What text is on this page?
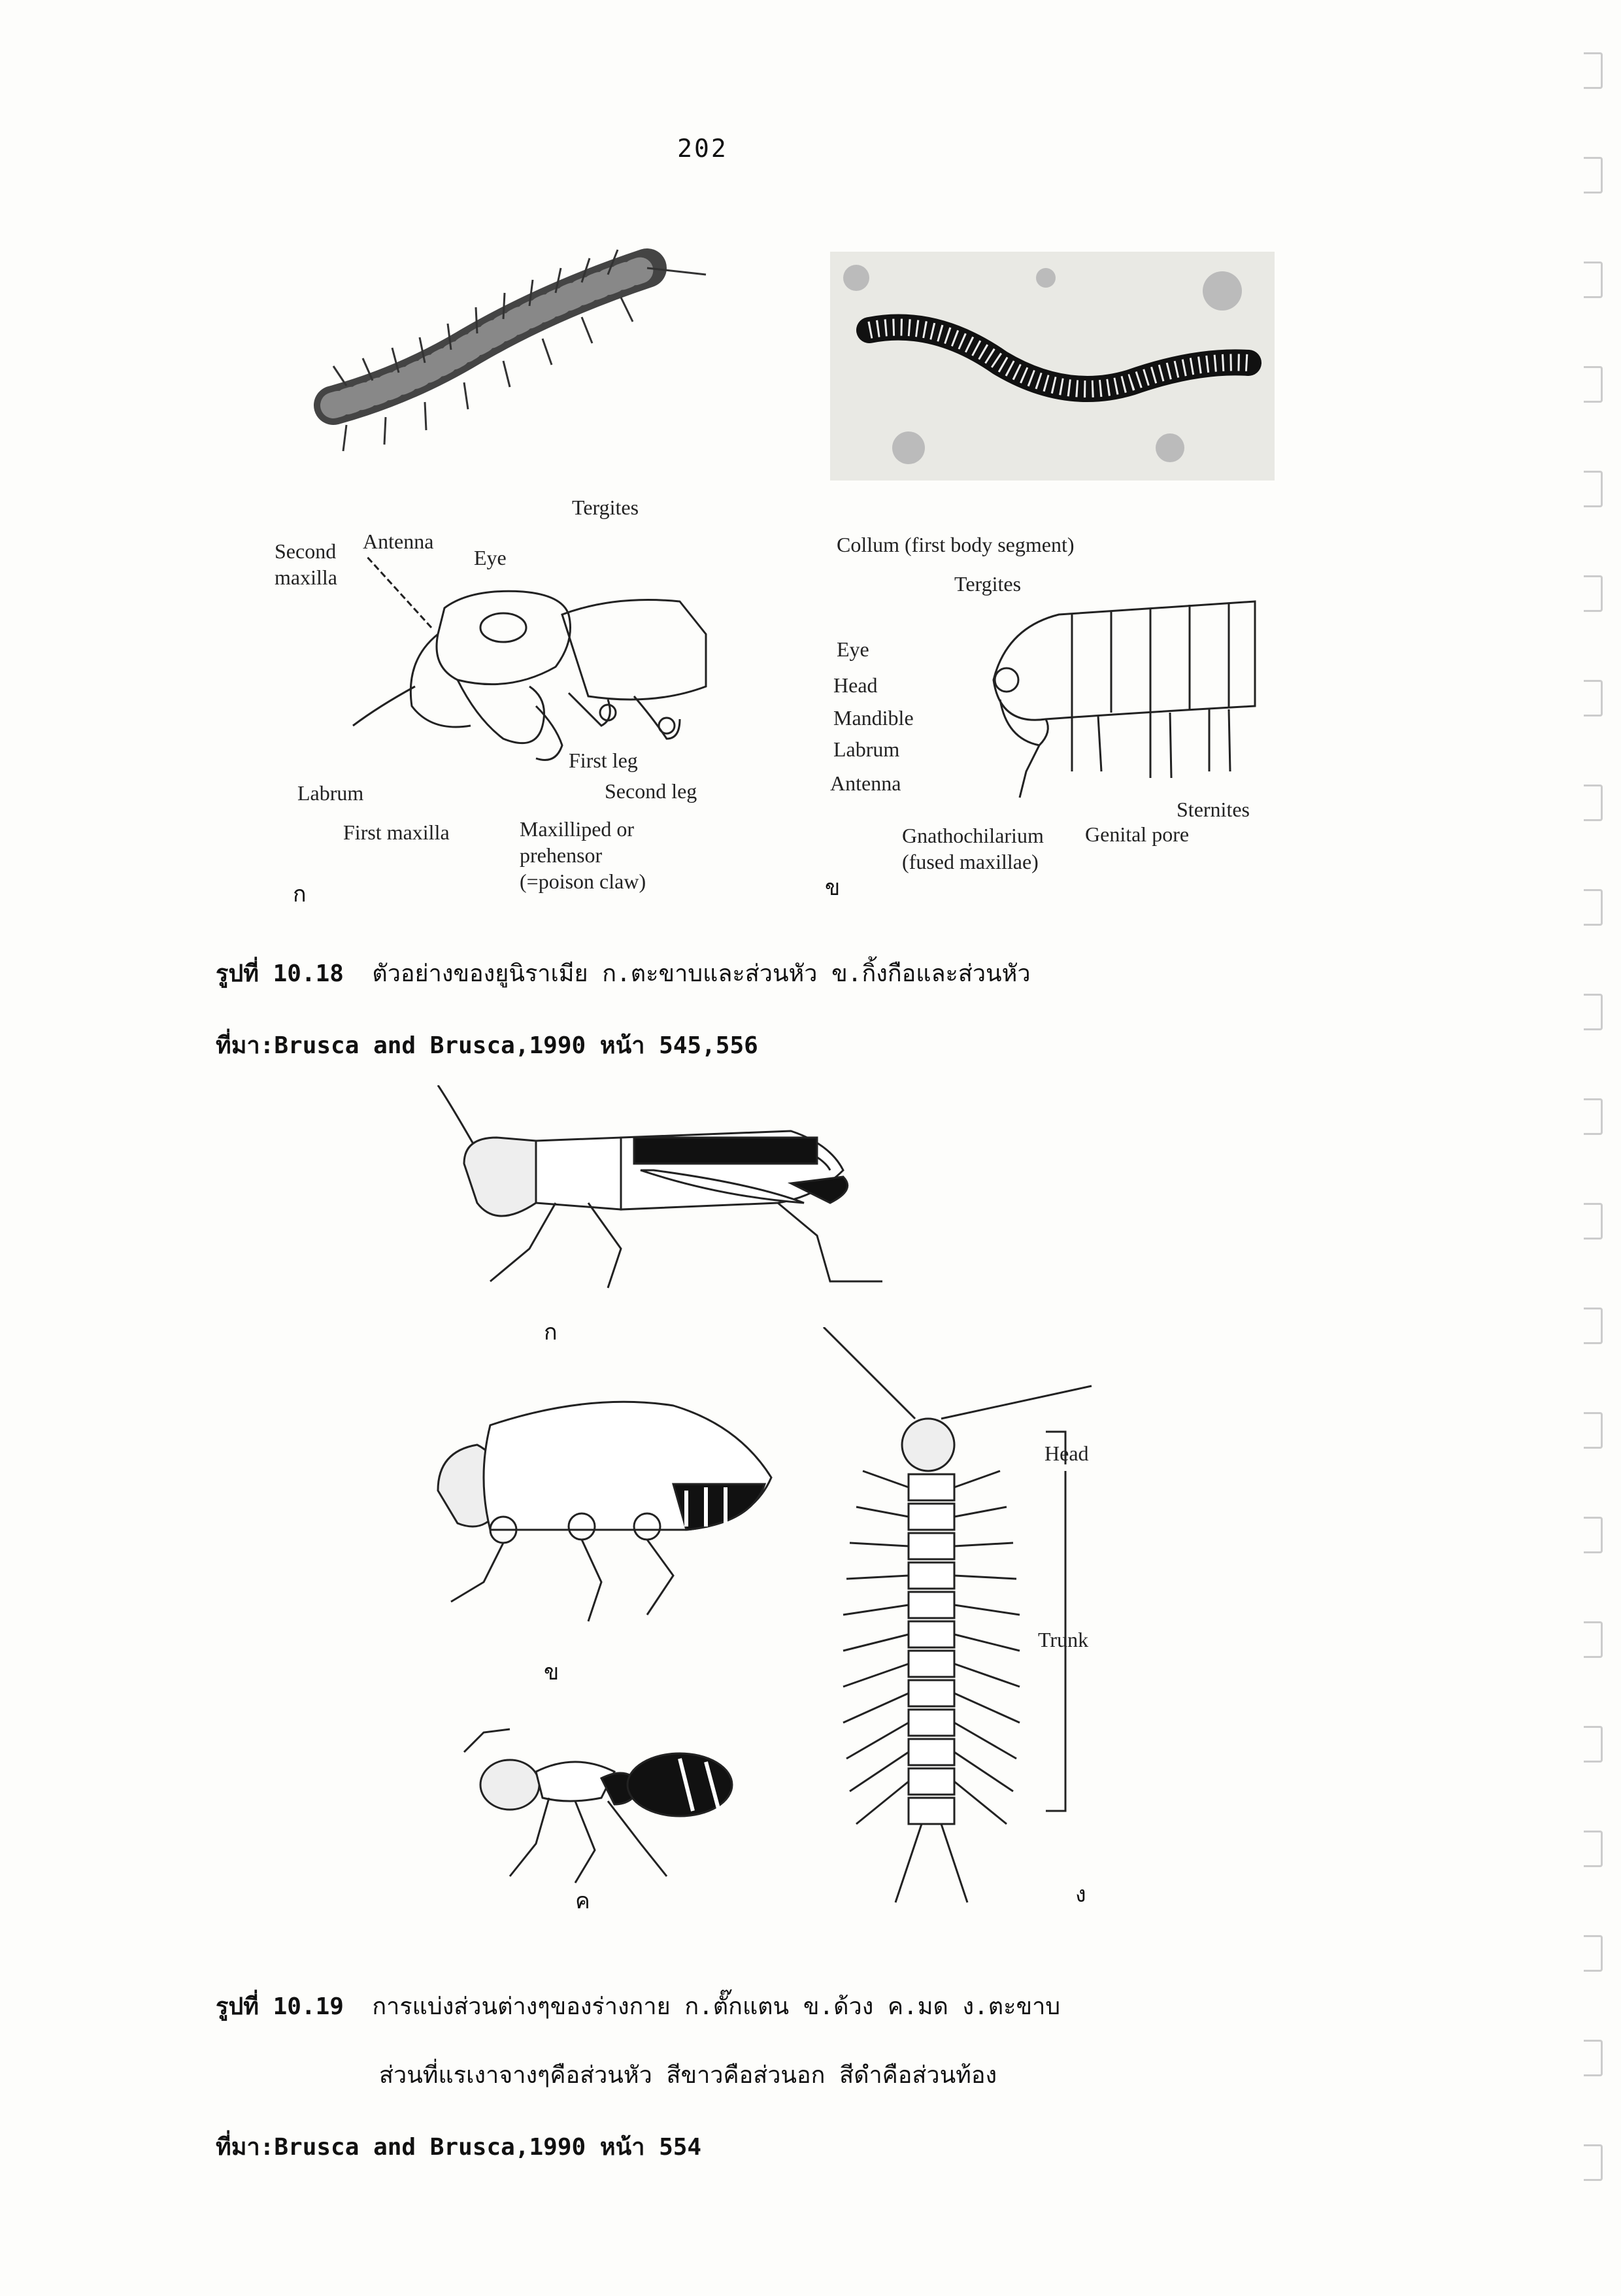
202
Antenna
Second
maxilla
Eye
Tergites
Labrum
First leg
Second leg
First maxilla	Maxilliped or
prehensor
(=poison claw)
ก
Collum (first body segment)
Tergites
Eye
Head
Mandible
Labrum
Antenna
Gnathochilarium
(fused maxillae)
Genital pore
Sternites
ข
รูปที่ 10.18 ตัวอย่างของยูนิราเมีย ก.ตะขาบและส่วนหัว ข.กิ้งกือและส่วนหัว
ที่มา:Brusca and Brusca,1990 หน้า 545,556
ก
ข
ค
Head
Trunk
ง
รูปที่ 10.19 การแบ่งส่วนต่างๆของร่างกาย ก.ตั๊กแตน ข.ด้วง ค.มด ง.ตะขาบ
ส่วนที่แรเงาจางๆคือส่วนหัว สีขาวคือส่วนอก สีดำคือส่วนท้อง
ที่มา:Brusca and Brusca,1990 หน้า 554
